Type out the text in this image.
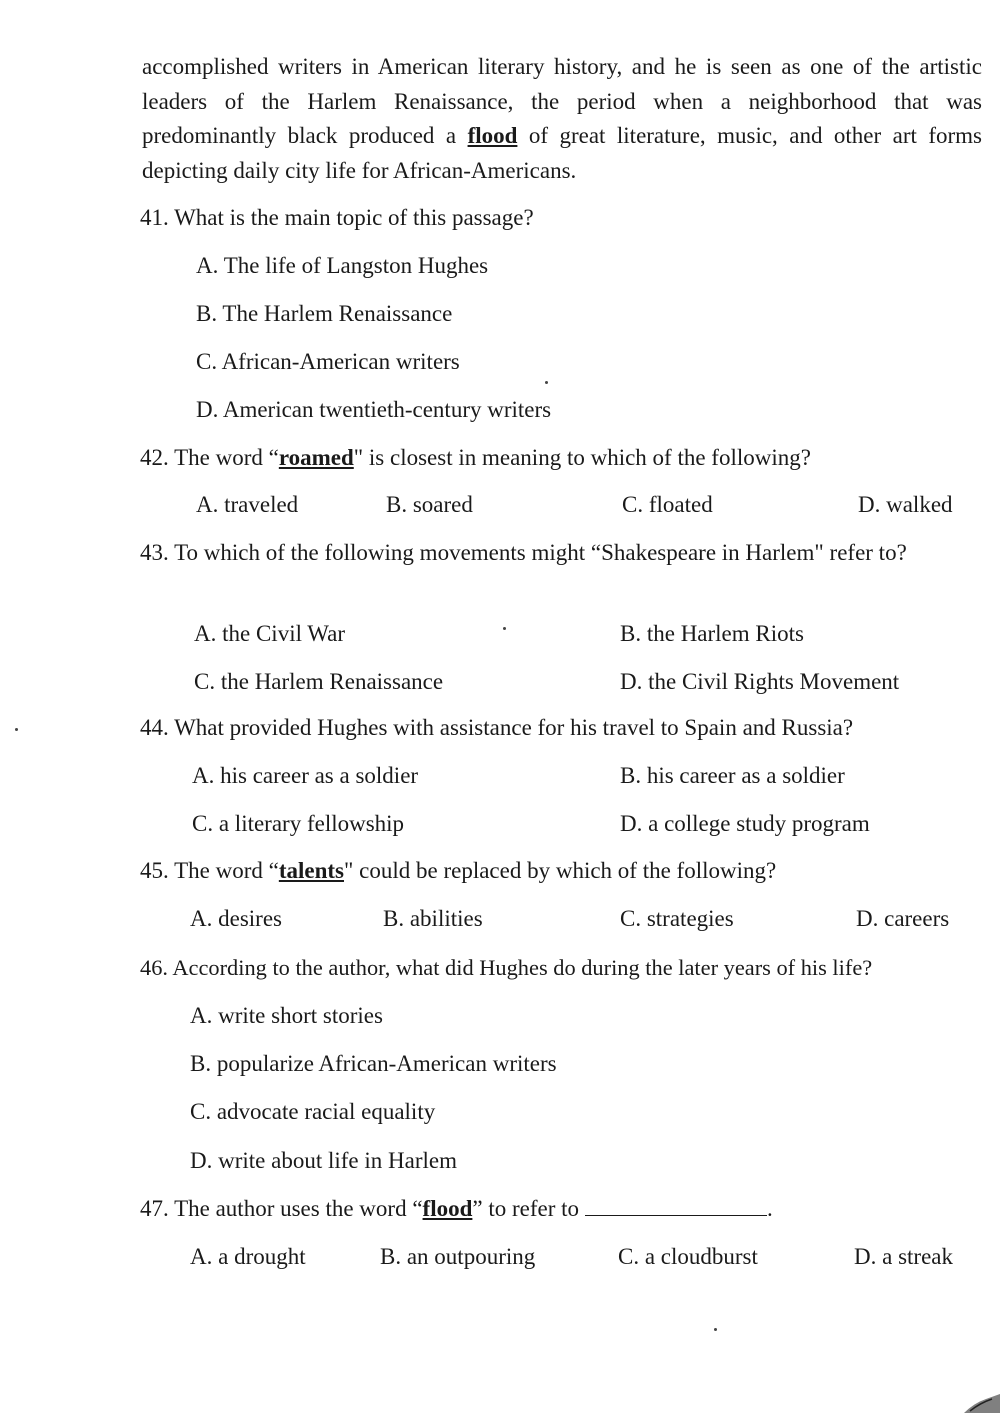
accomplished writers in American literary history, and he is seen as one of the artistic leaders of the Harlem Renaissance, the period when a neighborhood that was predominantly black produced a flood of great literature, music, and other art forms depicting daily city life for African-Americans.
41. What is the main topic of this passage?
A. The life of Langston Hughes
B. The Harlem Renaissance
C. African-American writers
D. American twentieth-century writers
42. The word “roamed" is closest in meaning to which of the following?
A. traveled	B. soared	C. floated	D. walked
43. To which of the following movements might “Shakespeare in Harlem" refer to?
A. the Civil War	B. the Harlem Riots
C. the Harlem Renaissance	D. the Civil Rights Movement
44. What provided Hughes with assistance for his travel to Spain and Russia?
A. his career as a soldier	B. his career as a soldier
C. a literary fellowship	D. a college study program
45. The word “talents" could be replaced by which of the following?
A. desires	B. abilities	C. strategies	D. careers
46. According to the author, what did Hughes do during the later years of his life?
A. write short stories
B. popularize African-American writers
C. advocate racial equality
D. write about life in Harlem
47. The author uses the word “flood” to refer to	.
A. a drought	B. an outpouring	C. a cloudburst	D. a streak
